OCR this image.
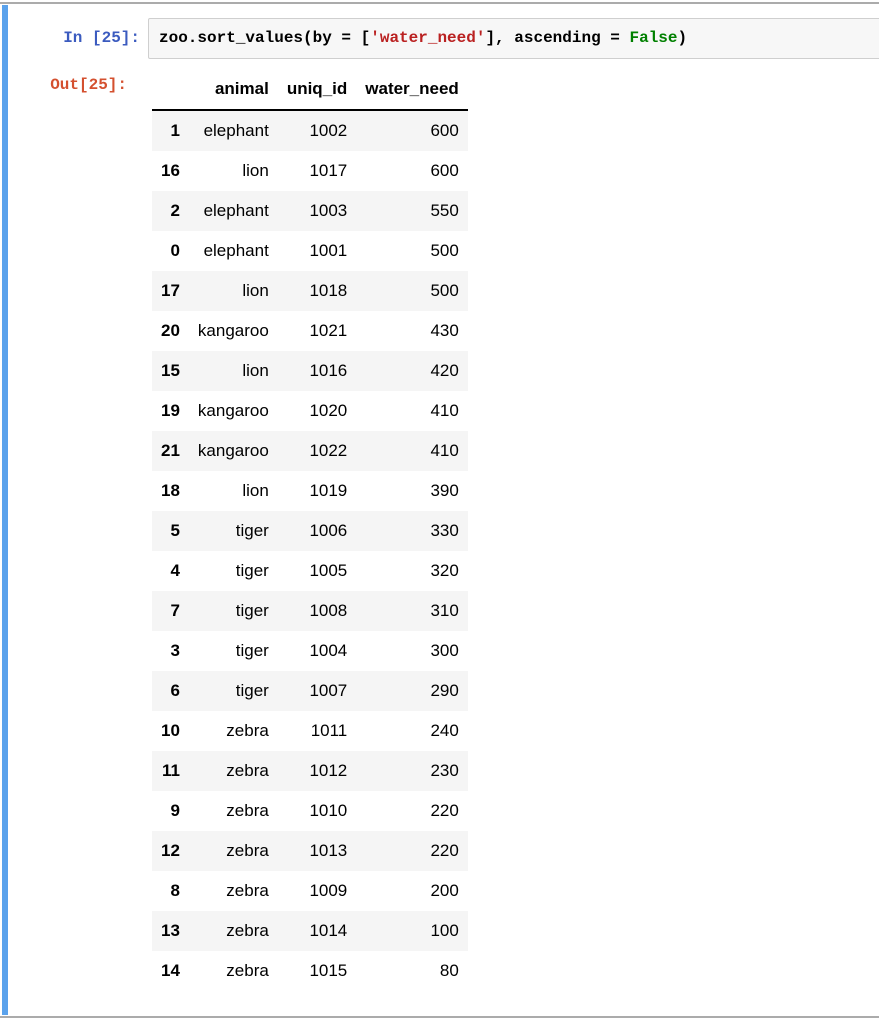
In [25]:	zoo.sort_values(by = ['water_need'], ascending = False)
Out[25]:
		animal	uniq_id	water_need
1	elephant	1002	600
16	lion	1017	600
2	elephant	1003	550
0	elephant	1001	500
17	lion	1018	500
20	kangaroo	1021	430
15	lion	1016	420
19	kangaroo	1020	410
21	kangaroo	1022	410
18	lion	1019	390
5	tiger	1006	330
4	tiger	1005	320
7	tiger	1008	310
3	tiger	1004	300
6	tiger	1007	290
10	zebra	1011	240
11	zebra	1012	230
9	zebra	1010	220
12	zebra	1013	220
8	zebra	1009	200
13	zebra	1014	100
14	zebra	1015	80
